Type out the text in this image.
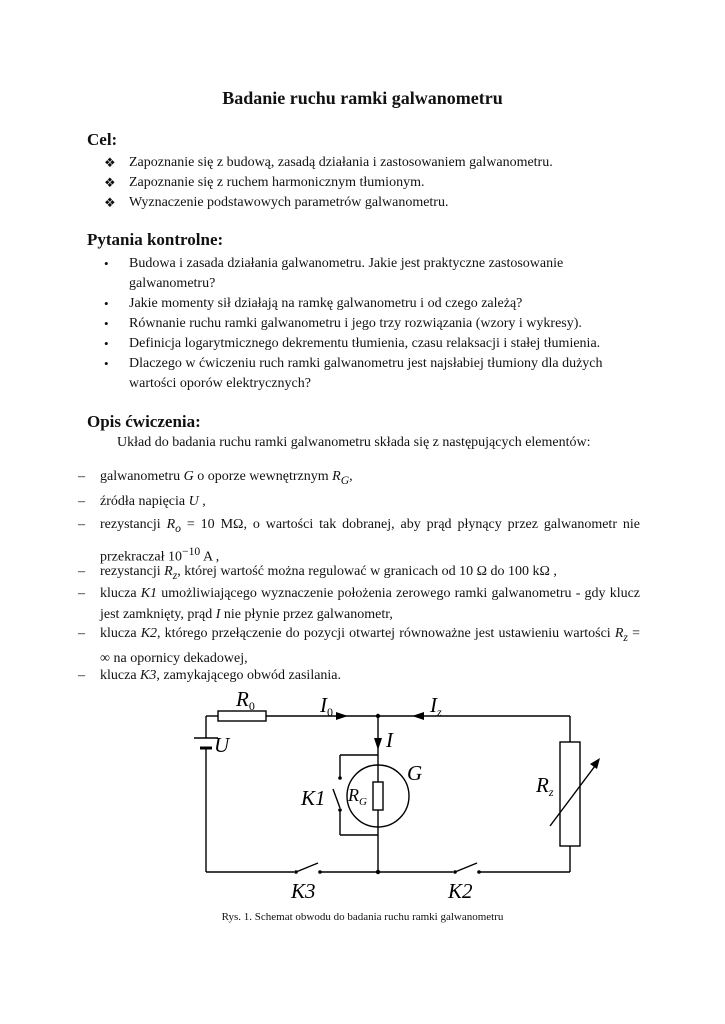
Badanie ruchu ramki galwanometru
Cel:

❖ Zapoznanie się z budową, zasadą działania i zastosowaniem galwanometru.

❖ Zapoznanie się z ruchem harmonicznym tłumionym.

❖ Wyznaczenie podstawowych parametrów galwanometru.

Pytania kontrolne:

• Budowa i zasada działania galwanometru. Jakie jest praktyczne zastosowanie galwanometru?

• Jakie momenty sił działają na ramkę galwanometru i od czego zależą?

• Równanie ruchu ramki galwanometru i jego trzy rozwiązania (wzory i wykresy).

• Definicja logarytmicznego dekrementu tłumienia, czasu relaksacji i stałej tłumienia.

• Dlaczego w ćwiczeniu ruch ramki galwanometru jest najsłabiej tłumiony dla dużych wartości oporów elektrycznych?

Opis ćwiczenia:

Układ do badania ruchu ramki galwanometru składa się z następujących elementów:

– galwanometru G o oporze wewnętrznym $R_G$,

– źródła napięcia U ,

– rezystancji $R_o = 10$ MΩ, o wartości tak dobranej, aby prąd płynący przez galwanometr nie przekraczał $10^{-10}$ A ,

– rezystancji $R_z$, której wartość można regulować w granicach od 10 Ω do 100 kΩ ,

– klucza K1 umożliwiającego wyznaczenie położenia zerowego ramki galwanometru - gdy klucz jest zamknięty, prąd I nie płynie przez galwanometr,

– klucza K2, którego przełączenie do pozycji otwartej równoważne jest ustawieniu wartości $R_z$ = ∞ na opornicy dekadowej,

– klucza K3, zamykającego obwód zasilania.

R0	I0	Iz
U	I
G
K1 $R_G$
Rz
K3	K2

Rys. 1. Schemat obwodu do badania ruchu ramki galwanometru
